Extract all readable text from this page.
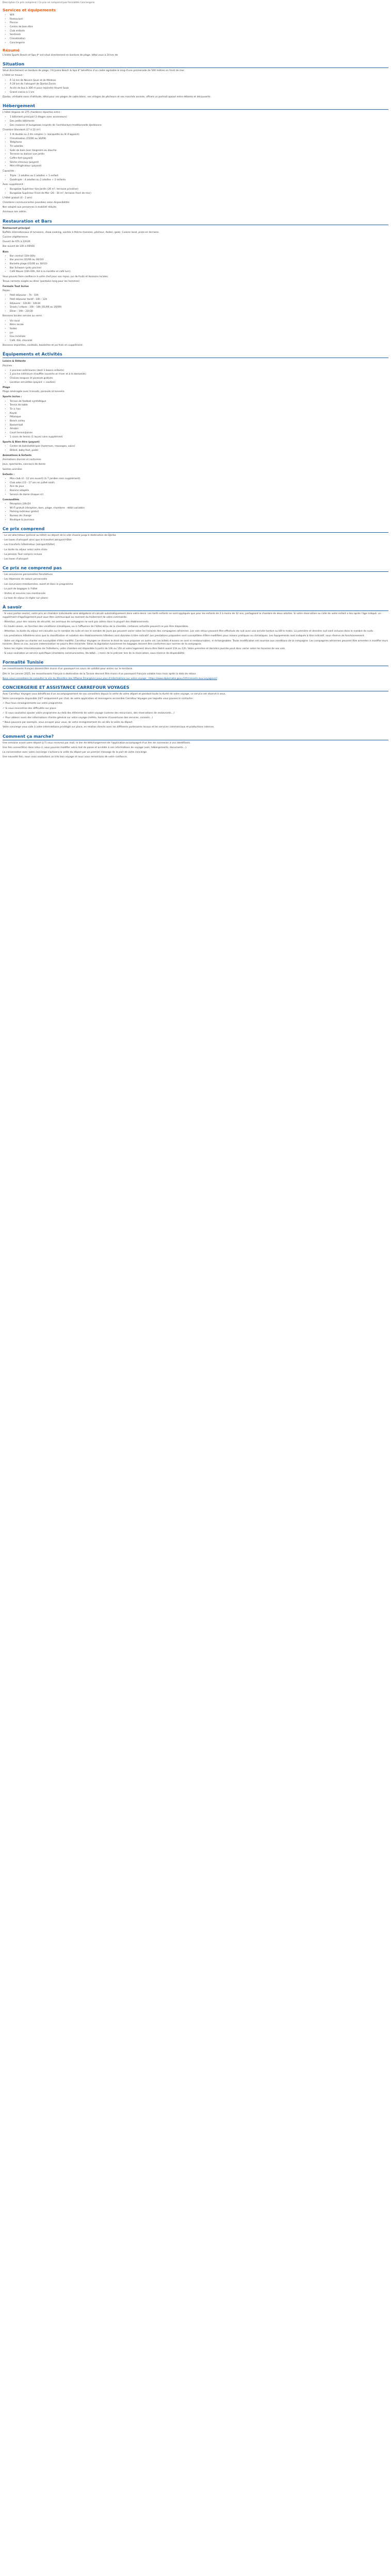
Description Ce prix comprend / Ce prix ne comprend pas Formalités Conciergerie
Services et équipements
• Wifi
• Restaurant
• Piscine
• Centre de bien-être
• Club enfants
• Sentinels
• Climatisation
• Conciergerie
Résumé
L'Islote Sports Beach et Spa 4* est situé directement en bordure de plage. Idéal vous à 20 km de
Situation
Situé directement en bordure de plage, l'Al Juana Beach & Spa 4* bénéficie d'un cadre agréable le long d'une promenade de 500 mètres en front de mer.
L'hôtel se trouve :
• À 12 km de Nevers Souk et de Médean
• À 20 km de l'aéroport de Djerba-Zarzis
• Accès de bus à 300 m pour rejoindre Houmt Souk
• Grand casino à 1 km
Djerba, véritable oasis d'altitude, idéal pour ses plages de sable blanc, ses villages de pêcheurs et ses marchés animés, offrant un portrait apaisé entre détente et découverte.
Hébergement
L'hôtel dispose de 275 chambres réparties entre :
• 1 bâtiment principal (3 étages avec ascenseurs)
• Des petits bâtiments
• Des maisons et bungalows inspirés de l'architecture traditionnelle djerbienne
Chambre Standard (17 à 22 m²)
• 1 lit double ou 2 lits simples (+ banquette ou lit d'appoint)
• Climatisation (15/06 au 30/09)
• Téléphone
• TV satellite
• Salle de bain avec baignoire ou douche
• Terrasse ou balcon vue jardin
• Coffre-fort (payant)
• Sèche-cheveux (payant)
• Mini-réfrigérateur (payant)
Capacités :
• Triple : 3 adultes ou 2 adultes + 1 enfant
• Quadruple : 4 adultes ou 2 adultes + 2 enfants
Avec supplément :
• Bungalow Supérieur Vue Jardin (26 m², terrasse privative)
• Bungalow Supérieur Front de Mer (26 - 30 m², terrasse front de mer)
L'hôtel gratuit (0 - 2 ans)
Chambres communicantes possibles selon disponibilités
Non adapté aux personnes à mobilité réduite.
Animaux non admis.
Restauration et Bars
Restaurant principal
Buffets internationaux et tunisiens, show cooking, soirées à thème (tunisien, pêcheur, italien, gala). Cuisine local, pizza en terrasse.
Cuisine végétarienne
Ouvert de 07h à 22h30
Bar ouvert de 10h à 00h00
Bars
• Bar central (10h-00h)
• Bar piscine (01/06 au 30/10)
• Barzelle plage (01/06 au 30/10)
• Bar Schwam (près piscine)
• Café Maure (16h-00h, thé à la menthe et café turc)
Vous pouvez faire confiance à votre chef pour vos repas, jus de fruits et boissons locales.
Tenue correcte exigée au dîner (pantalon long pour les hommes)
Formule Tout Inclus
Repas :
• Petit déjeuner : 7h - 10h
• Petit déjeuner tardif : 10h - 12h
• Déjeuner : 12h30 - 14h30
• Snack / crêpes : 16h - 18h (01/06 au 30/09)
• Dîner : 19h - 21h30
Boissons locales servies au verre :
• Vin local
• Bière locale
• Sodas
• Jus
• Eau minérale
• Café, thé, chocolat
Boissons importées, cocktails, bouteilles et jus frais en supplément.
Équipements et Activités
Loisirs & Détente
Piscines :
• 2 piscines extérieures (dont 1 bassin enfants)
• 1 piscine intérieure chauffée (ouverte en hiver et à la demande)
• Chaises longues et parasols gratuits
• Location serviettes (payant + caution)
Plage
Plage aménagée avec transats, parasols et tonnelle.
Sports inclus :
• Terrain de football synthétique
• Tennis de table
• Tir à l'arc
• Kayak
• Pétanque
• Beach volley
• Basket-ball
• Aérobic
• Court tennis/panier
• 1 cours de tennis (1 leçon) sans supplément
Sports & Bien-être (payant)
• Centre de balnéothérapie (hammam, massages, soins)
• Billard, baby-foot, padel
Animations & Enfants
Animations diurnes et nocturnes
Jeux, spectacles, concours de danse
Soirées animées
Enfants :
• Mini-club (4 - 12 ans ouvert) (à 7 jambes sans supplément)
• Club ados (13 - 17 ans en juillet-août)
• Aire de jeux
• Bassins adaptés
• Service de dame (Haque ici)
Commodités
• Réception 24h/24
• Wi-Fi gratuit (réception, bars, plage, chambres - débit variable)
• Parking extérieur gratuit
• Bureau de change
• Boutique & journaux
Ce prix comprend
- Le vol aller/retour (précisé au hôtel) au départ de la ville choisie jusqu'à destination de Djerba
- Les taxes d'aéroport ainsi que le transfert aéroport-hôtel
- Les transferts hôtel/retour (aéroport/hôtel)
- La durée du séjour selon votre choix
- La pension Tout compris incluse
- Les taxes d'aéroport
Ce prix ne comprend pas
- Les assurances personnelles facultatives
- Les dépenses de nature personnelle
- Les excursions mentionnées, avant et dans le programme
- Le port de bagages à l'hôtel
- Visites et services non mentionnés
- La taxe de séjour (à régler sur place)
À savoir
- Si vous partez seul(e), votre prix en chambre individuelle sera obligatoire et calculé automatiquement dans votre devis. Les tarifs enfants ne sont appliqués que pour les enfants de 2 à moins de 12 ans, partageant la chambre de deux adultes. Si votre réservation ou celle de votre enfant a lieu après l'âge indiqué, un supplément d'âge/logement peut vous être communiqué au moment du traitement de votre commande.
- Attention, pour des raisons de sécurité, les animaux de compagnie ne sont pas admis dans la plupart des établissements.
- En haute saison, en fonction des conditions climatiques, ou à l'affluence de l'hôtel et/ou de la clientèle, certaines activités peuvent ne pas être disponibles.
- Attention, la durée du séjour est calculée sur le nombre de nuits et non le nombre de jours qui peuvent varier selon les horaires des compagnies aériennes. Les vols retour peuvent être effectués de nuit avec une arrivée tardive ou tôt le matin. La première et dernière nuit sont incluses dans le nombre de nuits.
- Les prestations hôtelières ainsi que la classification et notation des établissements hôteliers sont données à titre indicatif. Les prestations proposées sont susceptibles d'être modifiées pour raisons pratiques ou climatiques. Les équipements sont indiqués à titre indicatif, sous réserve de fonctionnement.
- Votre vol régulier ou charter est susceptible d'être modifié, Carrefour Voyages se réserve le droit de vous proposer un autre vol. Les billets d'avions ne sont ni remboursables, ni échangeables. Toute modification est soumise aux conditions de la compagnie. Les compagnies aériennes peuvent être amenées à modifier leurs horaires. Dans ce cas, aucune indemnisation ne pourra être réclamée. Selon la législation tunisienne les bagages doivent être conformes aux normes de la compagnie.
- Selon les règles internationales de l'hôtellerie, votre chambre est disponible à partir de 14h ou 15h et votre logement devra être libéré avant 11h ou 12h. Votre première et dernière journée peut donc varier selon les horaires de vos vols.
- Si vous souhaitez un service spécifique (chambres communicantes, lits bébé...) merci de le préciser lors de la réservation, sous réserve de disponibilité.
Formalité Tunisie
Les ressortissants français doivent être munis d'un passeport en cours de validité pour entrer sur le territoire.
Dès le 1er janvier 2025, les ressortissants français à destination de la Tunisie devront être munis d'un passeport français valable trois mois après la date de retour.
Nous vous conseillons de consulter le site du Ministère des Affaires Étrangères pour plus d'informations sur votre voyage : https://www.diplomatie.gouv.fr/fr/conseils-aux-voyageurs/
CONCIERGERIE ET ASSISTANCE CARREFOUR VOYAGES
Avec Carrefour Voyages vous bénéficiez d'un accompagnement de vos conseillers depuis la veille de votre départ et pendant toute la durée de votre voyage, ce service est réservé à vous.
Votre conciergerie disponible 24/7 uniquement par chat, de votre application et messagerie accessible Carrefour Voyages par laquelle vous pouvez le contacter :
✓ Pour tous renseignements sur votre programme
✓ Si vous rencontrez des difficultés sur place
✓ Si vous souhaitez ajouter votre programme au-delà des éléments de votre voyage (comme des excursions, des réservations de restaurants...)
✓ Pour obtenir aussi des informations d'ordre général sur votre voyage (météo, horaires d'ouvertures des services, conseils...)
* Nous pouvons par exemple, vous occuper pour vous, de votre enregistrement de vol dès la veille du départ.
Votre concierge vous aide à votre intermédiaire privilégié sur place, en relation directe avec les différents partenaires locaux et les services commerciaux et productions internes.
Comment ça marche?
Une semaine avant votre départ (J-7) vous recevrez par mail, le lien de téléchargement de l'application accompagné d'un lien de connexion à vos identifiants.
Une fois connecté(e) dans celui-ci, vous pourrez modifier votre mot de passe et accéder à vos informations de voyage (vols, hébergements, documents...).
La conversation avec votre concierge s'activera la veille du départ par un premier message de la part de votre concierge.
Une nouvelle fois, nous vous souhaitons un très bon voyage et nous vous remercions de votre confiance.
